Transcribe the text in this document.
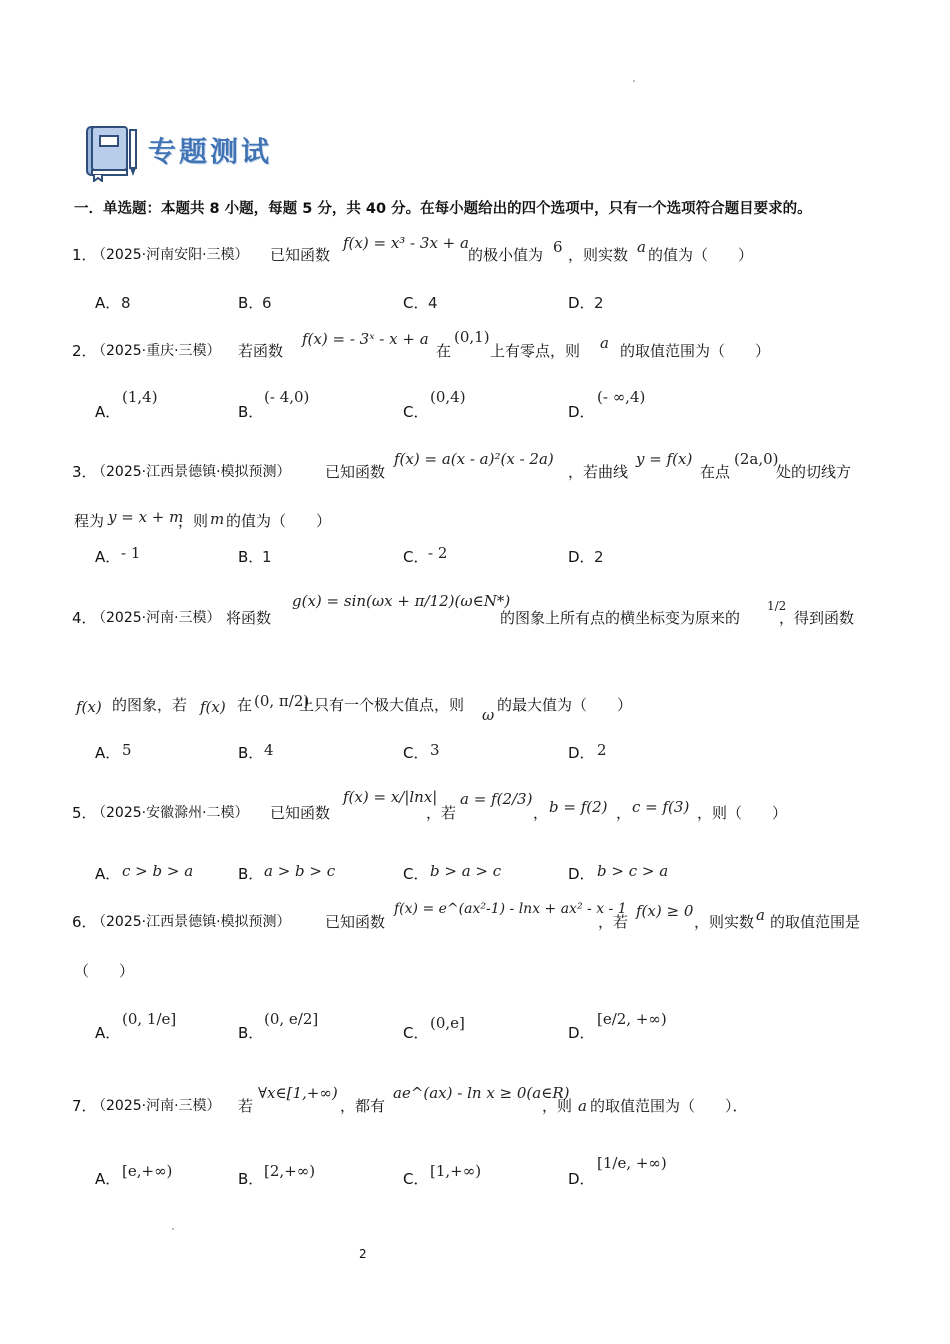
专题测试
一．单选题：本题共 8 小题，每题 5 分，共 40 分。在每小题给出的四个选项中，只有一个选项符合题目要求的。
1．
（2025·河南安阳·三模） 已知函数
f(x) = x³ - 3x + a
的极小值为 6 ，则实数 a 的值为（　　）
A． 8	B．
6	C． 4	D． 2
2．
（2025·重庆·三模） 若函数
f(x) = - 3ˣ - x + a
在
(0,1)
上有零点，则 a 的取值范围为（　　）
A．
(1,4)
B．
(- 4,0)
C．
(0,4)
D．
(- ∞,4)
3．
（2025·江西景德镇·模拟预测） 已知函数
f(x) = a(x - a)²(x - 2a)
，若曲线
y = f(x)
在点
(2a,0)
处的切线方
程为 y = x + m
，则 m 的值为（　　）
A． - 1	B．
1	C． - 2	D． 2
4．
（2025·河南·三模） 将函数
g(x) = sin(ωx + π/12)(ω∈N*)
的图象上所有点的横坐标变为原来的
1/2
，得到函数
f(x) 的图象，若 f(x) 在 (0, π/2)
上只有一个极大值点，则
ω
的最大值为（　　）
A． 5	B． 4	C． 3	D． 2
5．
（2025·安徽滁州·二模） 已知函数
f(x) = x/|lnx|
，若
a = f(2/3)
， b = f(2) ， c = f(3) ，则（　　）
A． c > b > a	B． a > b > c	C． b > a > c	D． b > c > a
6．
（2025·江西景德镇·模拟预测） 已知函数
f(x) = e^(ax²-1) - lnx + ax² - x - 1
，若
f(x) ≥ 0
，则实数 a 的取值范围是
（　　）
A．
(0, 1/e]
B．
(0, e/2]
C．
(0,e]
D．
[e/2, +∞)
7．
（2025·河南·三模） 若
∀x∈[1,+∞)
，都有
ae^(ax) - ln x ≥ 0(a∈R)
，则 a 的取值范围为（　　）．
A． [e,+∞)	B． [2,+∞)	C． [1,+∞)	D．
[1/e, +∞)
2
